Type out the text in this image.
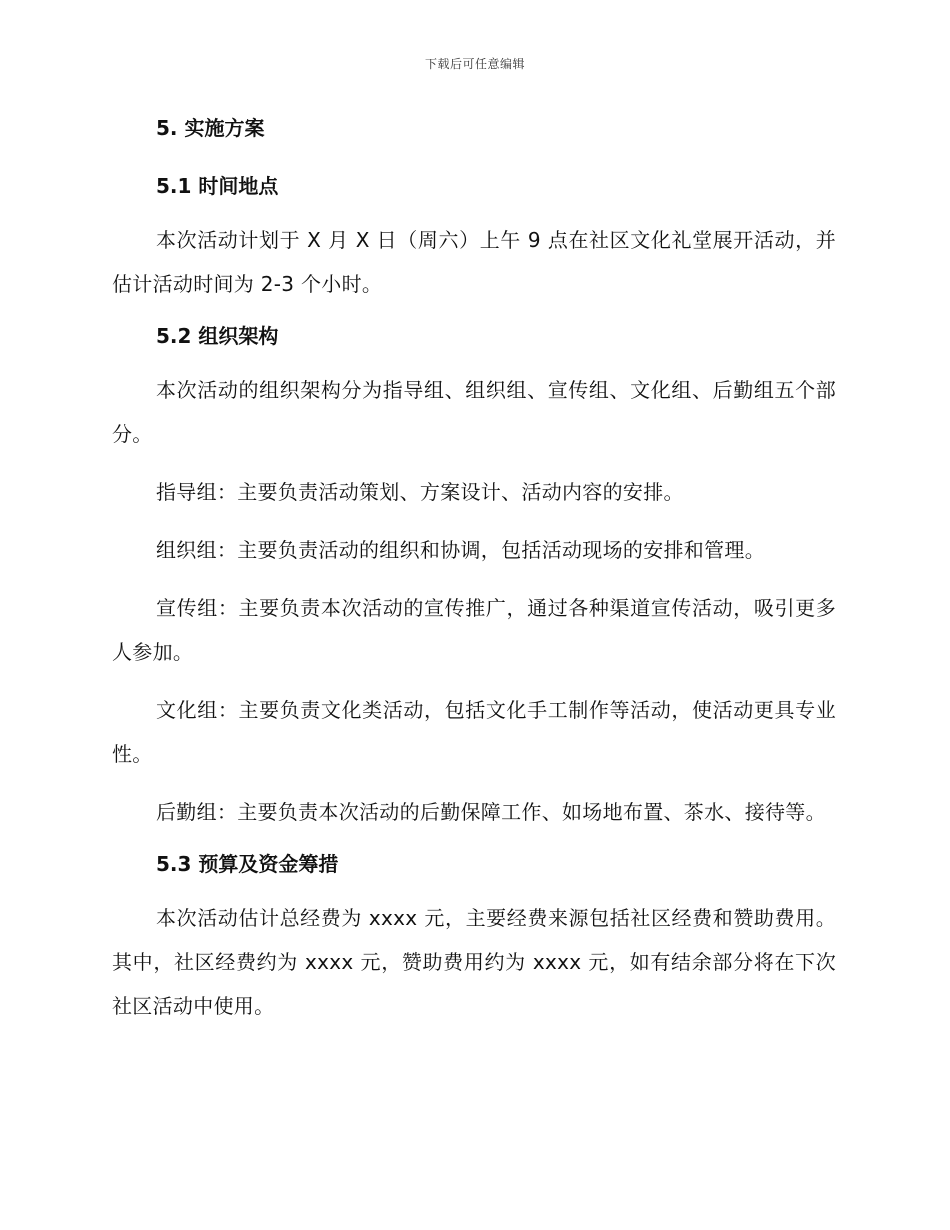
下载后可任意编辑
5. 实施方案
5.1 时间地点

本次活动计划于 X 月 X 日（周六）上午 9 点在社区文化礼堂展开活动，并估计活动时间为 2-3 个小时。

5.2 组织架构

本次活动的组织架构分为指导组、组织组、宣传组、文化组、后勤组五个部分。

指导组：主要负责活动策划、方案设计、活动内容的安排。

组织组：主要负责活动的组织和协调，包括活动现场的安排和管理。

宣传组：主要负责本次活动的宣传推广，通过各种渠道宣传活动，吸引更多人参加。

文化组：主要负责文化类活动，包括文化手工制作等活动，使活动更具专业性。

后勤组：主要负责本次活动的后勤保障工作、如场地布置、茶水、接待等。

5.3 预算及资金筹措

本次活动估计总经费为 xxxx 元，主要经费来源包括社区经费和赞助费用。其中，社区经费约为 xxxx 元，赞助费用约为 xxxx 元，如有结余部分将在下次社区活动中使用。
